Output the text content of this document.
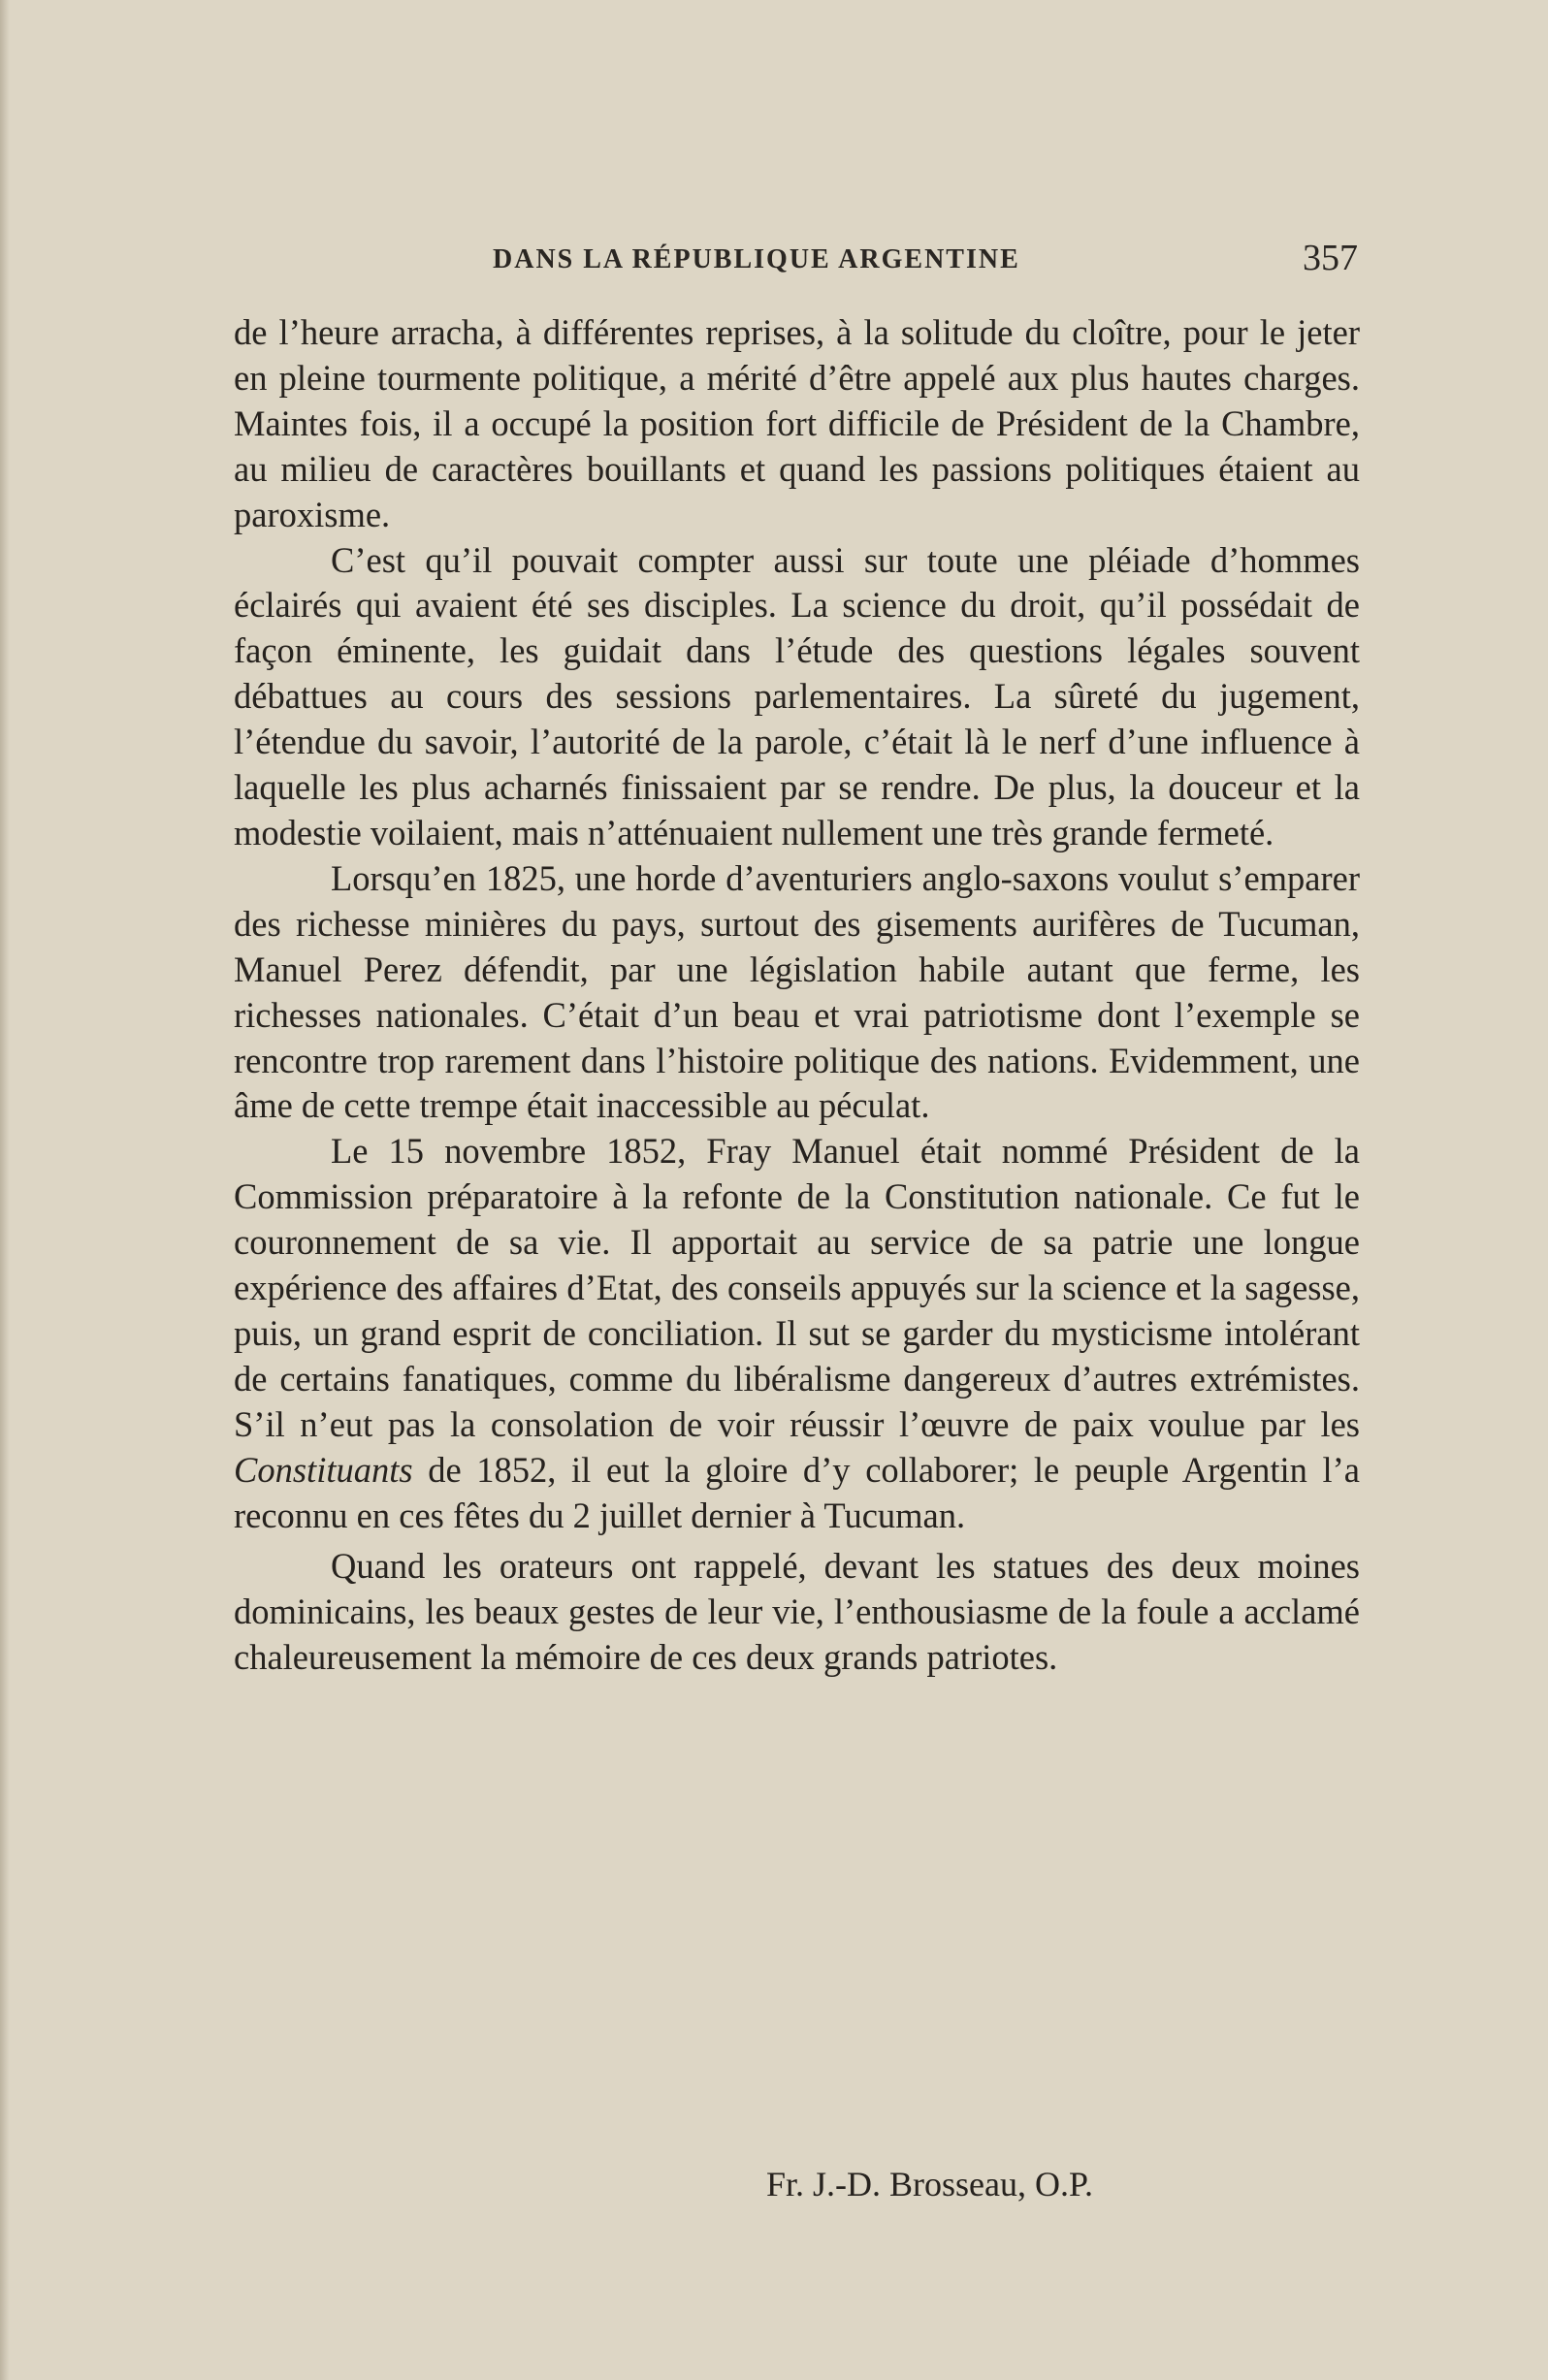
DANS LA RÉPUBLIQUE ARGENTINE	357

de l’heure arracha, à différentes reprises, à la solitude du cloître, pour le jeter en pleine tourmente politique, a mérité d’être appelé aux plus hautes charges. Maintes fois, il a occupé la position fort difficile de Président de la Chambre, au milieu de caractères bouillants et quand les passions politiques étaient au paroxisme.

C’est qu’il pouvait compter aussi sur toute une pléiade d’hommes éclairés qui avaient été ses disciples. La science du droit, qu’il possédait de façon éminente, les guidait dans l’étude des questions légales souvent débattues au cours des sessions parlementaires. La sûreté du jugement, l’étendue du savoir, l’autorité de la parole, c’était là le nerf d’une influence à laquelle les plus acharnés finissaient par se rendre. De plus, la douceur et la modestie voilaient, mais n’atténuaient nullement une très grande fermeté.

Lorsqu’en 1825, une horde d’aventuriers anglo-saxons voulut s’emparer des richesse minières du pays, surtout des gisements aurifères de Tucuman, Manuel Perez défendit, par une législation habile autant que ferme, les richesses nationales. C’était d’un beau et vrai patriotisme dont l’exemple se rencontre trop rarement dans l’histoire politique des nations. Evidemment, une âme de cette trempe était inaccessible au péculat.

Le 15 novembre 1852, Fray Manuel était nommé Président de la Commission préparatoire à la refonte de la Constitution nationale. Ce fut le couronnement de sa vie. Il apportait au service de sa patrie une longue expérience des affaires d’Etat, des conseils appuyés sur la science et la sagesse, puis, un grand esprit de conciliation. Il sut se garder du mysticisme intolérant de certains fanatiques, comme du libéralisme dangereux d’autres extrémistes. S’il n’eut pas la consolation de voir réussir l’œuvre de paix voulue par les Constituants de 1852, il eut la gloire d’y collaborer; le peuple Argentin l’a reconnu en ces fêtes du 2 juillet dernier à Tucuman.

Quand les orateurs ont rappelé, devant les statues des deux moines dominicains, les beaux gestes de leur vie, l’enthousiasme de la foule a acclamé chaleureusement la mémoire de ces deux grands patriotes.

Fr. J.-D. Brosseau, O.P.
